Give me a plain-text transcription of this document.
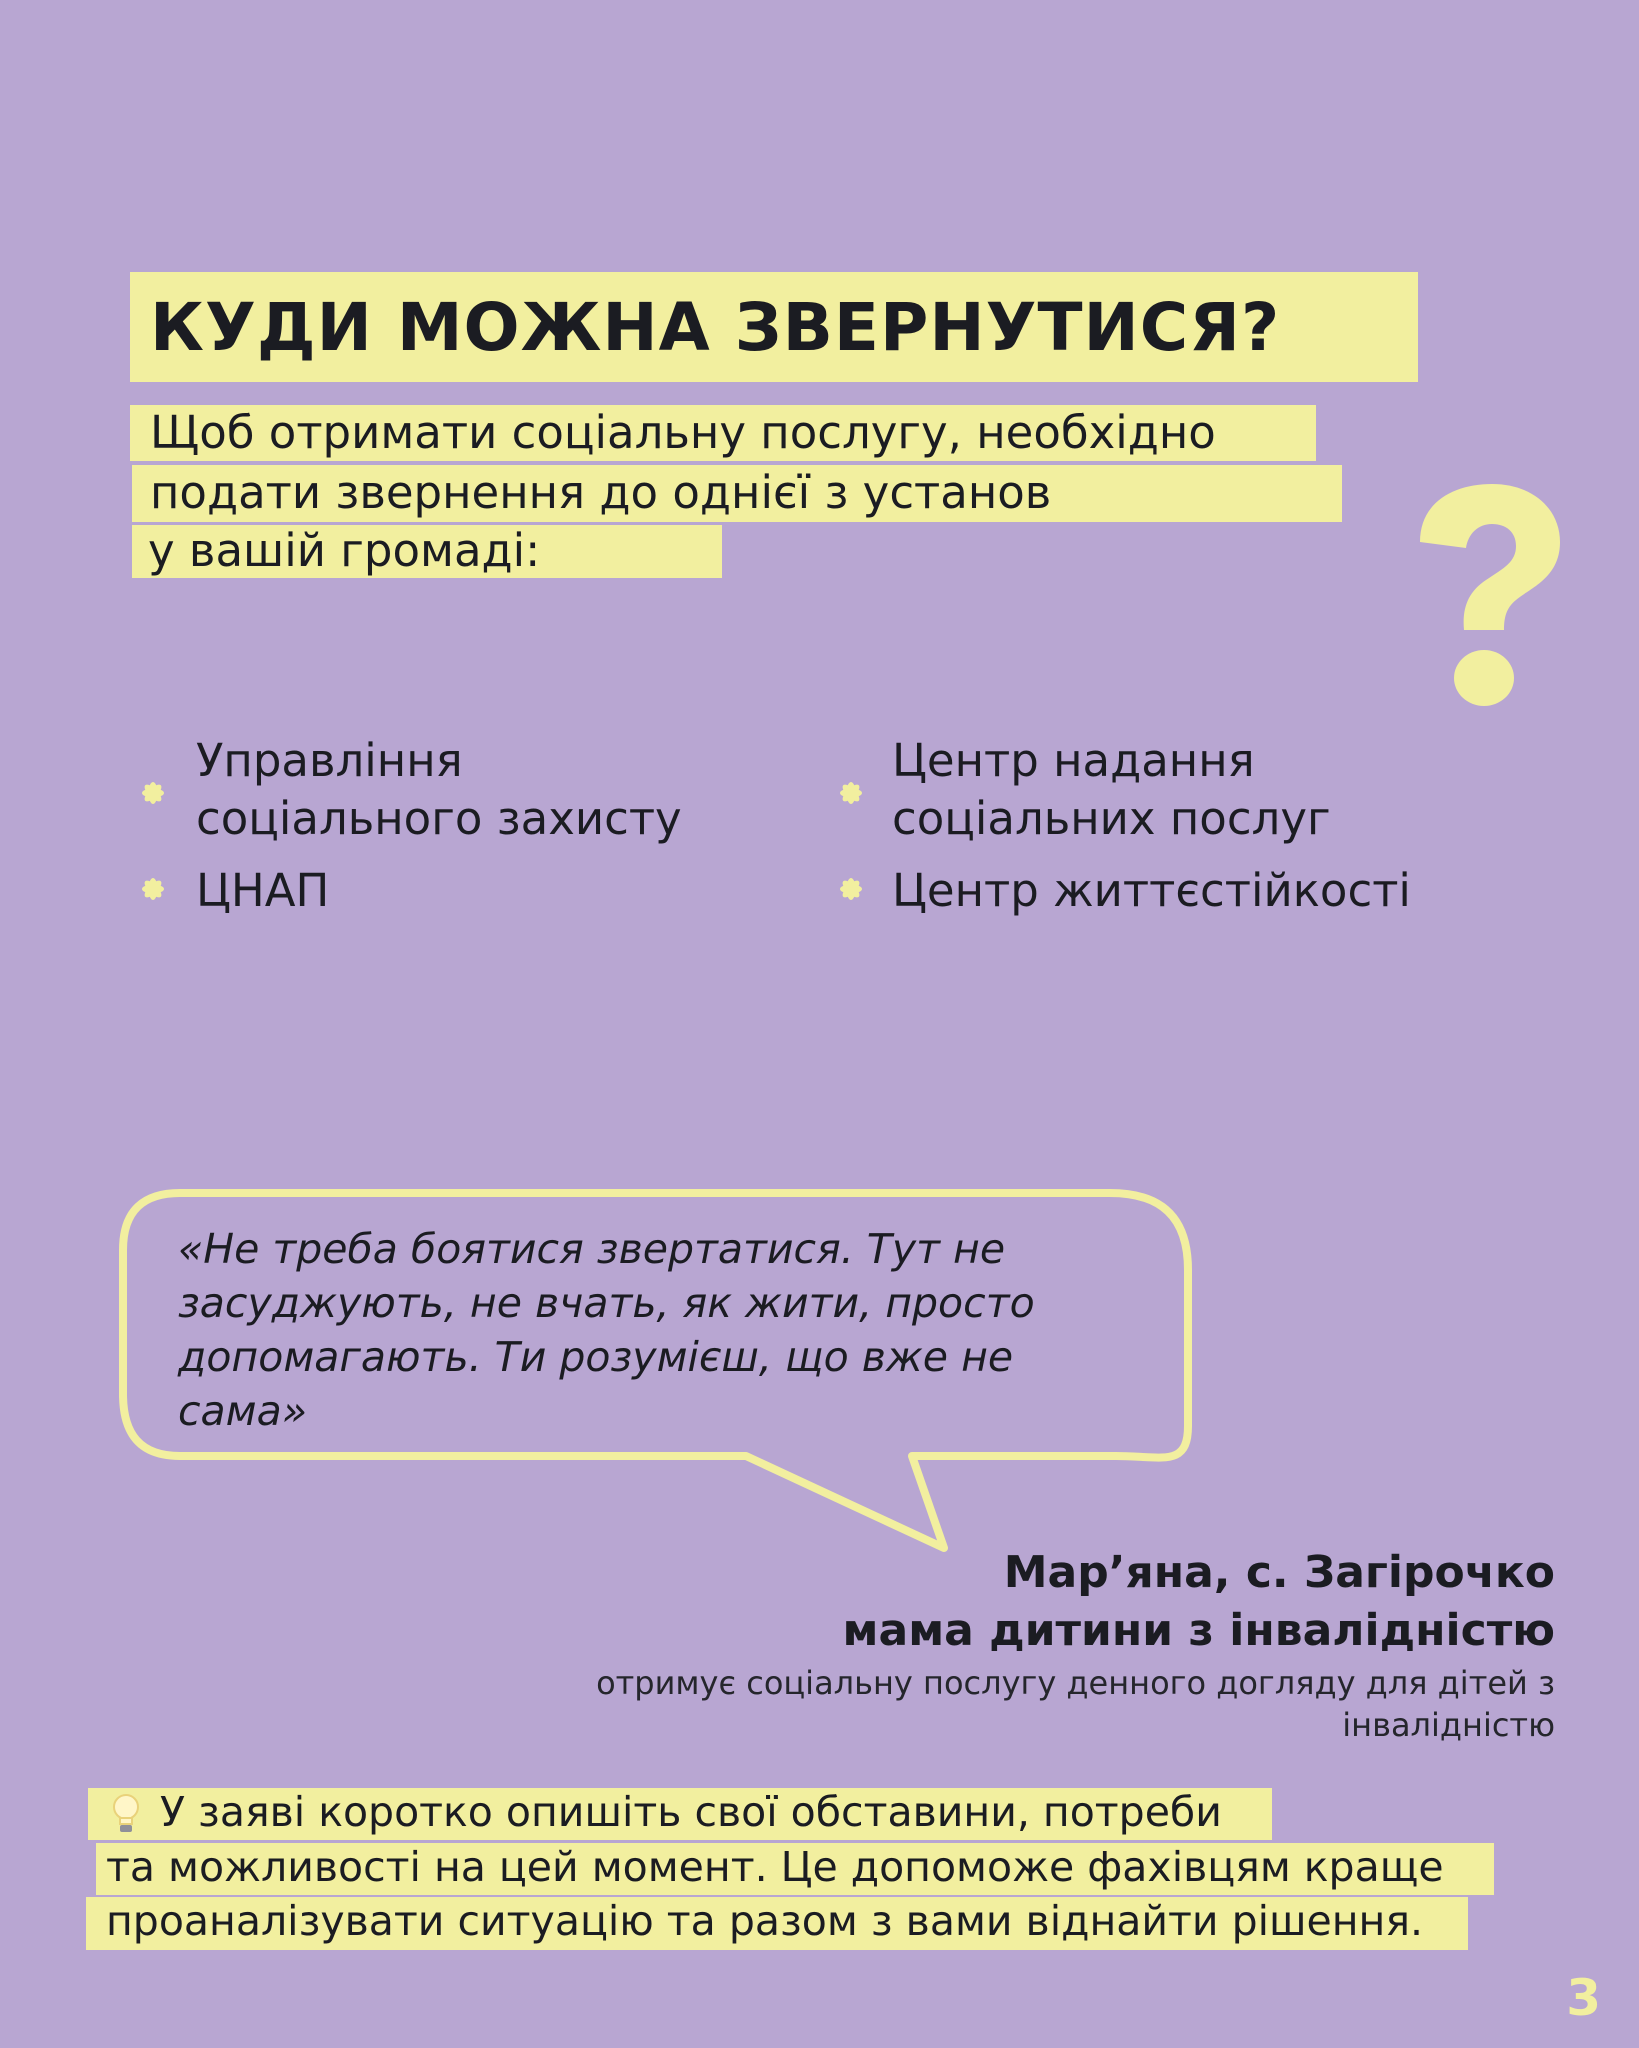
КУДИ МОЖНА ЗВЕРНУТИСЯ?
Щоб отримати соціальну послугу, необхідно
подати звернення до однієї з установ
у вашій громаді:
Управління
соціального захисту
ЦНАП
Центр надання
соціальних послуг
Центр життєстійкості

«Не треба боятися звертатися. Тут не засуджують, не вчать, як жити, просто допомагають. Ти розумієш, що вже не сама»

Мар’яна, с. Загірочко
мама дитини з інвалідністю
отримує соціальну послугу денного догляду для дітей з інвалідністю
У заяві коротко опишіть свої обставини, потреби
та можливості на цей момент. Це допоможе фахівцям краще
проаналізувати ситуацію та разом з вами віднайти рішення.
3
